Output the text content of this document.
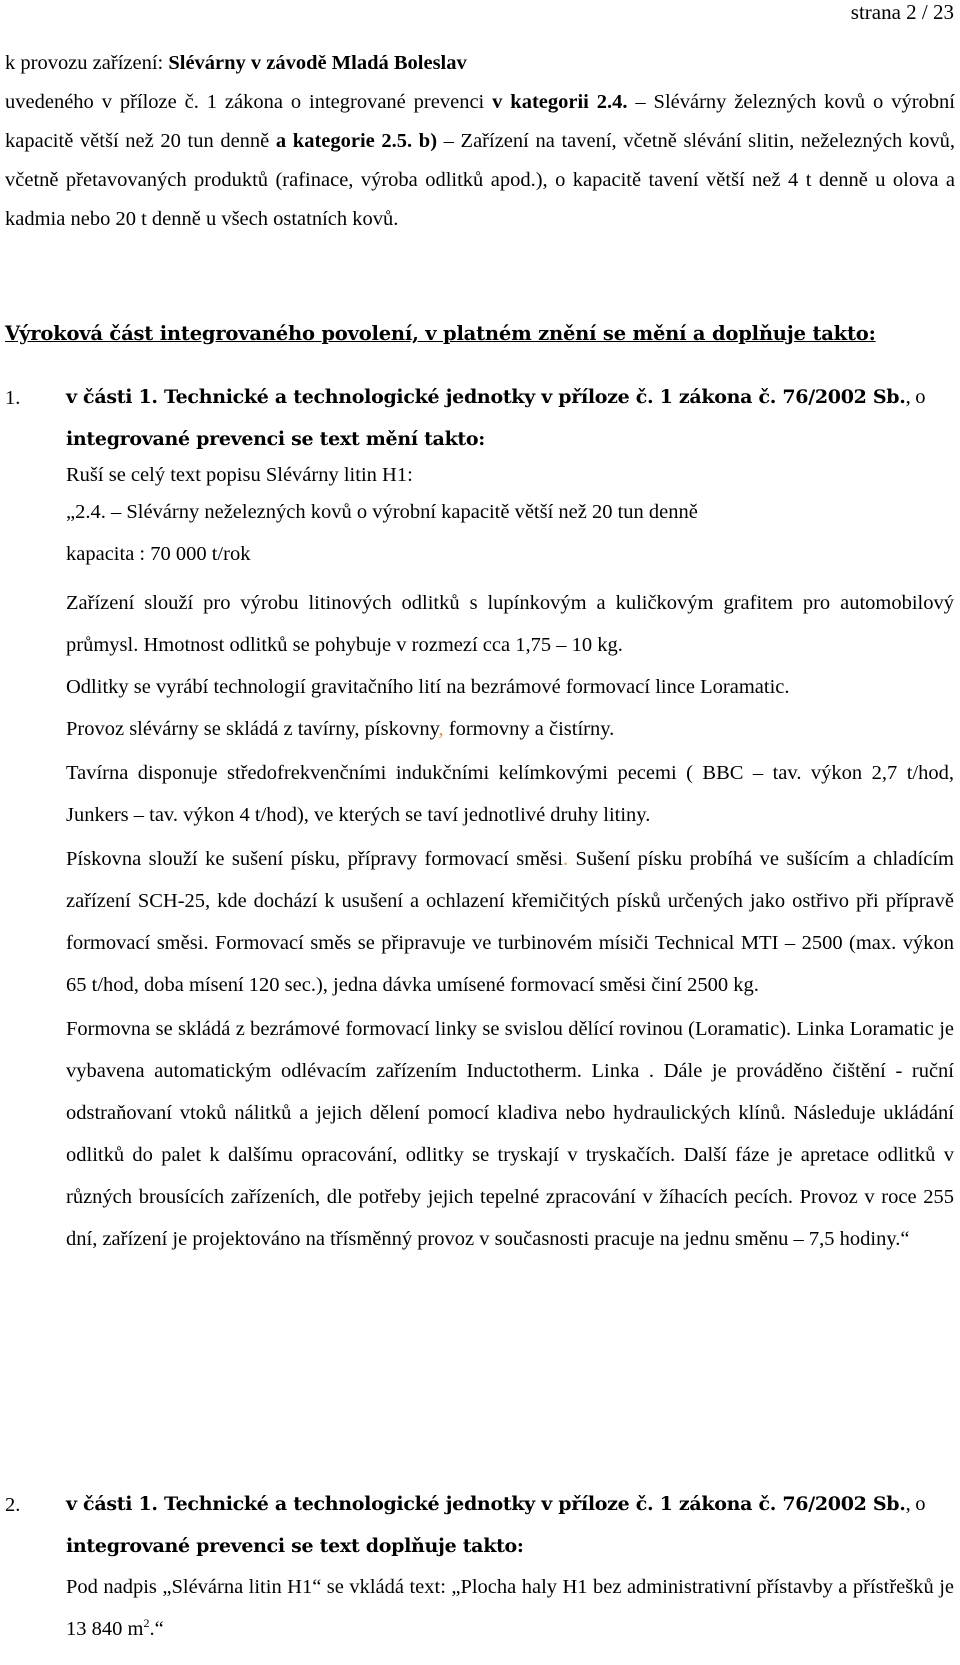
strana 2 / 23
k provozu zařízení: Slévárny v závodě Mladá Boleslav
uvedeného v příloze č. 1 zákona o integrované prevenci v kategorii 2.4. – Slévárny železných kovů o výrobní kapacitě větší než 20 tun denně a kategorie 2.5. b) – Zařízení na tavení, včetně slévání slitin, neželezných kovů, včetně přetavovaných produktů (rafinace, výroba odlitků apod.), o kapacitě tavení větší než 4 t denně u olova a kadmia nebo 20 t denně u všech ostatních kovů.
Výroková část integrovaného povolení, v platném znění se mění a doplňuje takto:
1. v části 1. Technické a technologické jednotky v příloze č. 1 zákona č. 76/2002 Sb., o
integrované prevenci se text mění takto:

Ruší se celý text popisu Slévárny litin H1:

„2.4. – Slévárny neželezných kovů o výrobní kapacitě větší než 20 tun denně

kapacita : 70 000 t/rok

Zařízení slouží pro výrobu litinových odlitků s lupínkovým a kuličkovým grafitem pro automobilový průmysl. Hmotnost odlitků se pohybuje v rozmezí cca 1,75 – 10 kg.

Odlitky se vyrábí technologií gravitačního lití na bezrámové formovací lince Loramatic.

Provoz slévárny se skládá z tavírny, pískovny, formovny a čistírny.

Tavírna disponuje středofrekvenčními indukčními kelímkovými pecemi ( BBC – tav. výkon 2,7 t/hod, Junkers – tav. výkon 4 t/hod), ve kterých se taví jednotlivé druhy litiny.

Pískovna slouží ke sušení písku, přípravy formovací směsi. Sušení písku probíhá ve sušícím a chladícím zařízení SCH-25, kde dochází k usušení a ochlazení křemičitých písků určených jako ostřivo při přípravě formovací směsi. Formovací směs se připravuje ve turbinovém mísiči Technical MTI – 2500 (max. výkon 65 t/hod, doba mísení 120 sec.), jedna dávka umísené formovací směsi činí 2500 kg.

Formovna se skládá z bezrámové formovací linky se svislou dělící rovinou (Loramatic). Linka Loramatic je vybavena automatickým odlévacím zařízením Inductotherm. Linka . Dále je prováděno čištění - ruční odstraňovaní vtoků nálitků a jejich dělení pomocí kladiva nebo hydraulických klínů. Následuje ukládání odlitků do palet k dalšímu opracování, odlitky se tryskají v tryskačích. Další fáze je apretace odlitků v různých brousících zařízeních, dle potřeby jejich tepelné zpracování v žíhacích pecích. Provoz v roce 255 dní, zařízení je projektováno na třísměnný provoz v současnosti pracuje na jednu směnu – 7,5 hodiny.“

2. v části 1. Technické a technologické jednotky v příloze č. 1 zákona č. 76/2002 Sb., o
integrované prevenci se text doplňuje takto:

Pod nadpis „Slévárna litin H1“ se vkládá text: „Plocha haly H1 bez administrativní přístavby a přístřešků je 13 840 $m^2.“$
